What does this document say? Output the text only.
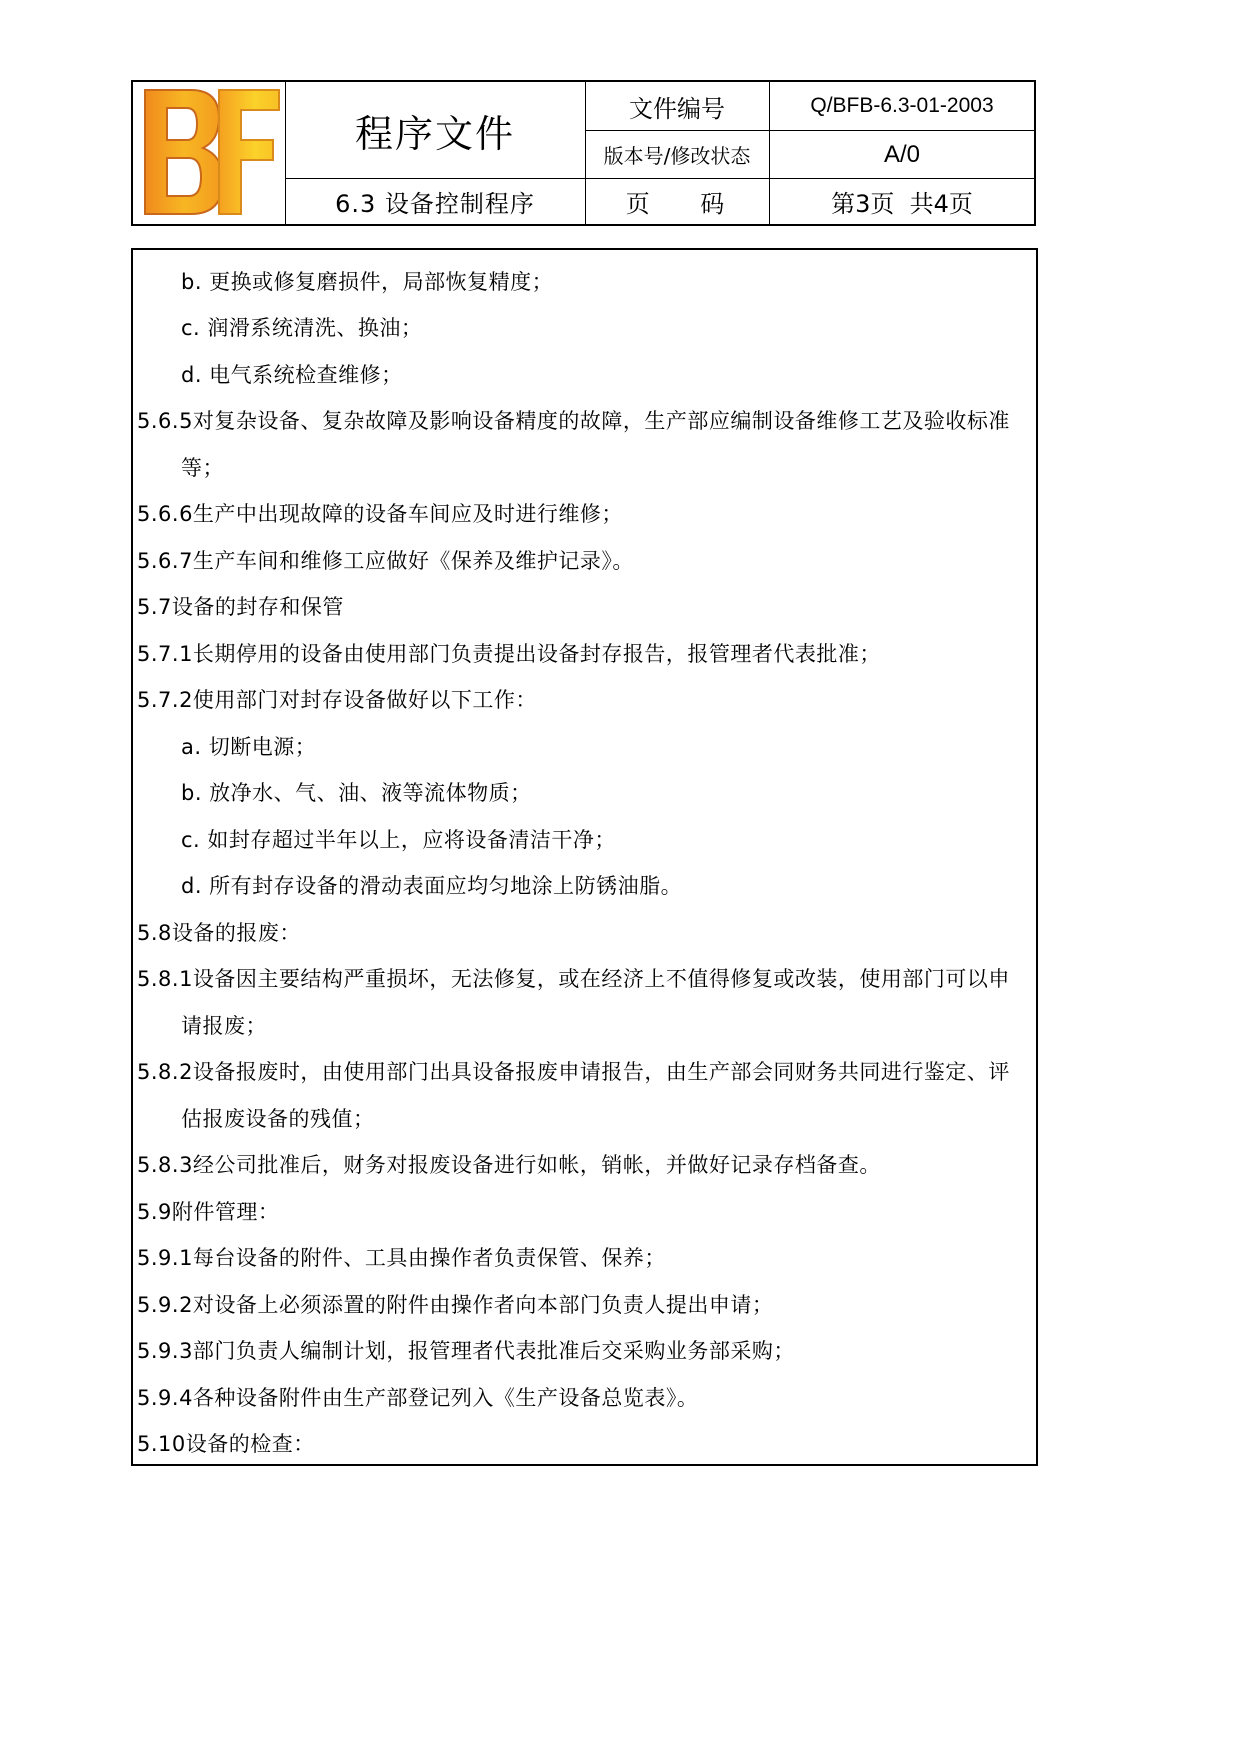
程序文件
6.3 设备控制程序
文件编号
版本号/修改状态
页    码
Q/BFB-6.3-01-2003
A/0
第3页  共4页
b. 更换或修复磨损件，局部恢复精度；
c. 润滑系统清洗、换油；
d. 电气系统检查维修；
5.6.5对复杂设备、复杂故障及影响设备精度的故障，生产部应编制设备维修工艺及验收标准
等；
5.6.6生产中出现故障的设备车间应及时进行维修；
5.6.7生产车间和维修工应做好《保养及维护记录》。
5.7设备的封存和保管
5.7.1长期停用的设备由使用部门负责提出设备封存报告，报管理者代表批准；
5.7.2使用部门对封存设备做好以下工作：
a. 切断电源；
b. 放净水、气、油、液等流体物质；
c. 如封存超过半年以上，应将设备清洁干净；
d. 所有封存设备的滑动表面应均匀地涂上防锈油脂。
5.8设备的报废：
5.8.1设备因主要结构严重损坏，无法修复，或在经济上不值得修复或改装，使用部门可以申
请报废；
5.8.2设备报废时，由使用部门出具设备报废申请报告，由生产部会同财务共同进行鉴定、评
估报废设备的残值；
5.8.3经公司批准后，财务对报废设备进行如帐，销帐，并做好记录存档备查。
5.9附件管理：
5.9.1每台设备的附件、工具由操作者负责保管、保养；
5.9.2对设备上必须添置的附件由操作者向本部门负责人提出申请；
5.9.3部门负责人编制计划，报管理者代表批准后交采购业务部采购；
5.9.4各种设备附件由生产部登记列入《生产设备总览表》。
5.10设备的检查：
